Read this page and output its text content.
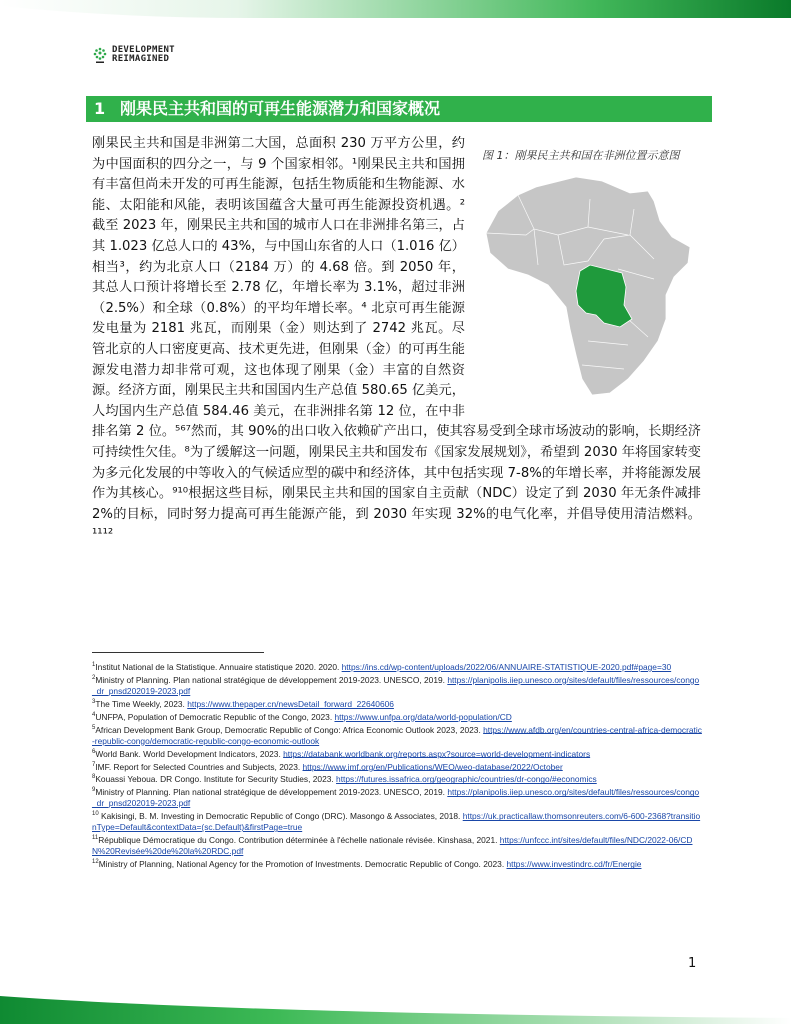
DEVELOPMENT
REIMAGINED
1 刚果民主共和国的可再生能源潜力和国家概况
图 1：刚果民主共和国在非洲位置示意图
刚果民主共和国是非洲第二大国，总面积 230 万平方公里，约为中国面积的四分之一，与 9 个国家相邻。¹刚果民主共和国拥有丰富但尚未开发的可再生能源，包括生物质能和生物能源、水能、太阳能和风能，表明该国蕴含大量可再生能源投资机遇。²截至 2023 年，刚果民主共和国的城市人口在非洲排名第三，占其 1.023 亿总人口的 43%，与中国山东省的人口（1.016 亿）相当³，约为北京人口（2184 万）的 4.68 倍。到 2050 年，其总人口预计将增长至 2.78 亿，年增长率为 3.1%，超过非洲（2.5%）和全球（0.8%）的平均年增长率。⁴ 北京可再生能源发电量为 2181 兆瓦，而刚果（金）则达到了 2742 兆瓦。尽管北京的人口密度更高、技术更先进，但刚果（金）的可再生能源发电潜力却非常可观，这也体现了刚果（金）丰富的自然资源。经济方面，刚果民主共和国国内生产总值 580.65 亿美元，人均国内生产总值 584.46 美元，在非洲排名第 12 位，在中非排名第 2 位。⁵⁶⁷然而，其 90%的出口收入依赖矿产出口，使其容易受到全球市场波动的影响，长期经济可持续性欠佳。⁸为了缓解这一问题，刚果民主共和国发布《国家发展规划》，希望到 2030 年将国家转变为多元化发展的中等收入的气候适应型的碳中和经济体，其中包括实现 7-8%的年增长率，并将能源发展作为其核心。⁹¹⁰根据这些目标，刚果民主共和国的国家自主贡献（NDC）设定了到 2030 年无条件减排 2%的目标，同时努力提高可再生能源产能，到 2030 年实现 32%的电气化率，并倡导使用清洁燃料。¹¹¹²

$^1$Institut National de la Statistique. Annuaire statistique 2020. 2020. https://ins.cd/wp-content/uploads/2022/06/ANNUAIRE-STATISTIQUE-2020.pdf#page=30

$^2$Ministry of Planning. Plan national stratégique de développement 2019-2023. UNESCO, 2019. https://planipolis.iiep.unesco.org/sites/default/files/ressources/congo_dr_pnsd202019-2023.pdf

$^3$The Time Weekly, 2023. https://www.thepaper.cn/newsDetail_forward_22640606

$^4$UNFPA, Population of Democratic Republic of the Congo, 2023. https://www.unfpa.org/data/world-population/CD

$^5$African Development Bank Group, Democratic Republic of Congo: Africa Economic Outlook 2023, 2023. https://www.afdb.org/en/countries-central-africa-democratic-republic-congo/democratic-republic-congo-economic-outlook

$^6$World Bank. World Development Indicators, 2023. https://databank.worldbank.org/reports.aspx?source=world-development-indicators

$^7$IMF. Report for Selected Countries and Subjects, 2023. https://www.imf.org/en/Publications/WEO/weo-database/2022/October

$^8$Kouassi Yeboua. DR Congo. Institute for Security Studies, 2023. https://futures.issafrica.org/geographic/countries/dr-congo/#economics

$^9$Ministry of Planning. Plan national stratégique de développement 2019-2023. UNESCO, 2019. https://planipolis.iiep.unesco.org/sites/default/files/ressources/congo_dr_pnsd202019-2023.pdf

$^{10}$ Kakisingi, B. M. Investing in Democratic Republic of Congo (DRC). Masongo & Associates, 2018. https://uk.practicallaw.thomsonreuters.com/6-600-2368?transitionType=Default&contextData=(sc.Default)&firstPage=true

$^{11}$République Démocratique du Congo. Contribution déterminée à l'échelle nationale révisée. Kinshasa, 2021. https://unfccc.int/sites/default/files/NDC/2022-06/CDN%20Revisée%20de%20la%20RDC.pdf

$^{12}$Ministry of Planning, National Agency for the Promotion of Investments. Democratic Republic of Congo. 2023. https://www.investindrc.cd/fr/Energie

1
